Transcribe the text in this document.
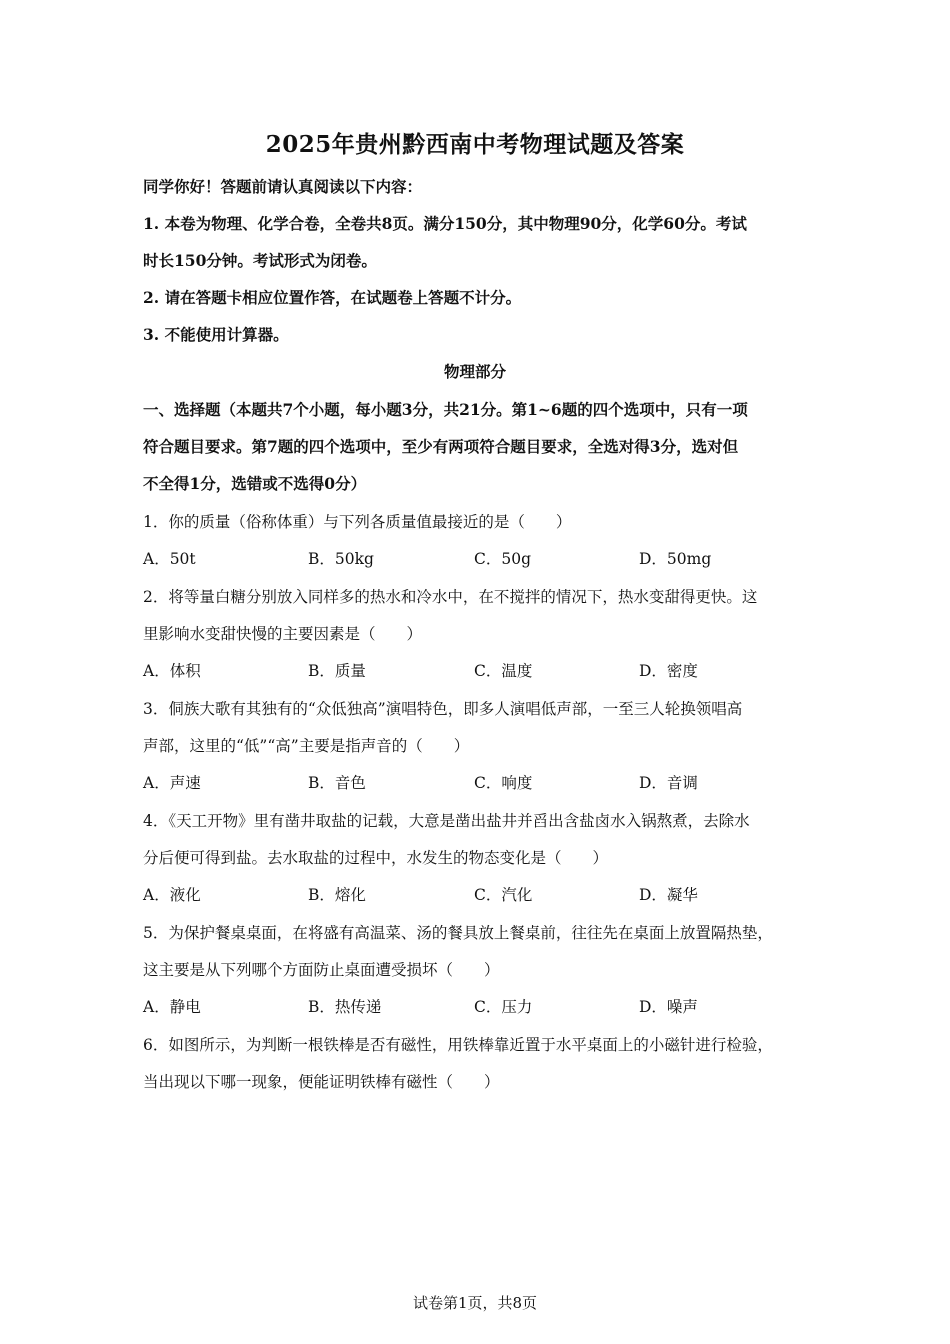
2025年贵州黔西南中考物理试题及答案
同学你好！答题前请认真阅读以下内容：
1. 本卷为物理、化学合卷，全卷共8页。满分150分，其中物理90分，化学60分。考试
时长150分钟。考试形式为闭卷。
2. 请在答题卡相应位置作答，在试题卷上答题不计分。
3. 不能使用计算器。
物理部分
一、选择题（本题共7个小题，每小题3分，共21分。第1~6题的四个选项中，只有一项
符合题目要求。第7题的四个选项中，至少有两项符合题目要求，全选对得3分，选对但
不全得1分，选错或不选得0分）
1．你的质量（俗称体重）与下列各质量值最接近的是（　　）
A．50t	B．50kg	C．50g	D．50mg
2．将等量白糖分别放入同样多的热水和冷水中，在不搅拌的情况下，热水变甜得更快。这
里影响水变甜快慢的主要因素是（　　）
A．体积	B．质量	C．温度	D．密度
3．侗族大歌有其独有的“众低独高”演唱特色，即多人演唱低声部，一至三人轮换领唱高
声部，这里的“低”“高”主要是指声音的（　　）
A．声速	B．音色	C．响度	D．音调
4．《天工开物》里有凿井取盐的记载，大意是凿出盐井并舀出含盐卤水入锅熬煮，去除水
分后便可得到盐。去水取盐的过程中，水发生的物态变化是（　　）
A．液化	B．熔化	C．汽化	D．凝华
5．为保护餐桌桌面，在将盛有高温菜、汤的餐具放上餐桌前，往往先在桌面上放置隔热垫，
这主要是从下列哪个方面防止桌面遭受损坏（　　）
A．静电	B．热传递	C．压力	D．噪声
6．如图所示，为判断一根铁棒是否有磁性，用铁棒靠近置于水平桌面上的小磁针进行检验，
当出现以下哪一现象，便能证明铁棒有磁性（　　）
试卷第1页，共8页
